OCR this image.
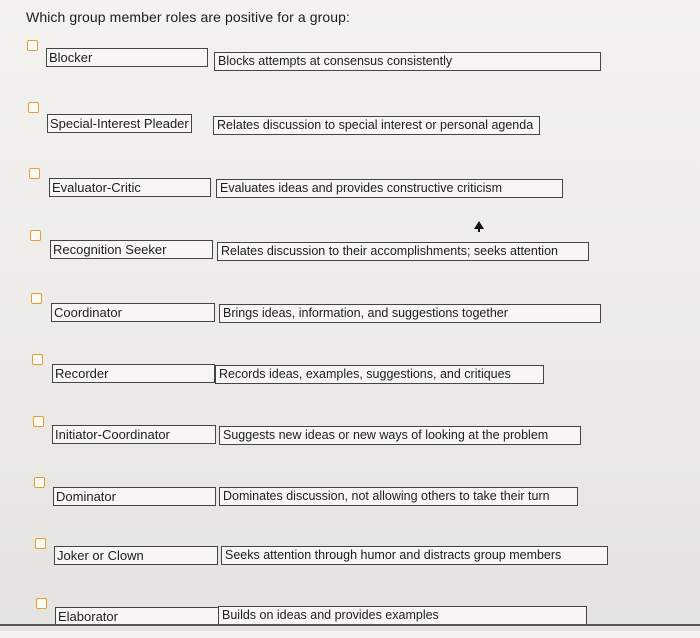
Which group member roles are positive for a group:
Blocker	Blocks attempts at consensus consistently
Special-Interest Pleader	Relates discussion to special interest or personal agenda
Evaluator-Critic	Evaluates ideas and provides constructive criticism
Recognition Seeker	Relates discussion to their accomplishments; seeks attention
Coordinator	Brings ideas, information, and suggestions together
Recorder	Records ideas, examples, suggestions, and critiques
Initiator-Coordinator	Suggests new ideas or new ways of looking at the problem
Dominator	Dominates discussion, not allowing others to take their turn
Joker or Clown	Seeks attention through humor and distracts group members
Elaborator	Builds on ideas and provides examples
